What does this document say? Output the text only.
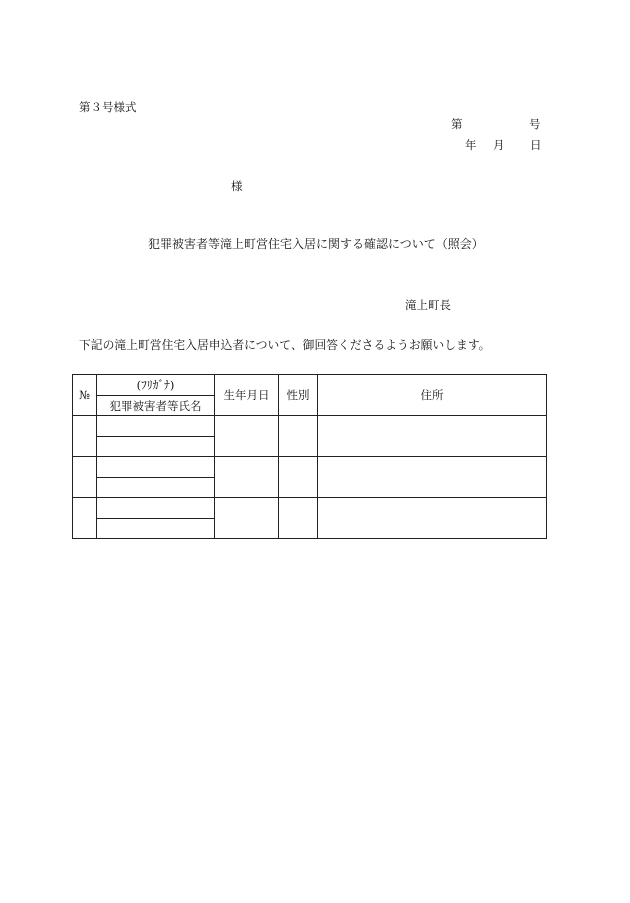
第３号様式
第	号
年 月 日
様
犯罪被害者等滝上町営住宅入居に関する確認について（照会）
滝上町長
下記の滝上町営住宅入居申込者について、御回答くださるようお願いします。
№	(ﾌﾘｶﾞﾅ)	生年月日	性別	住所
	犯罪被害者等氏名			
